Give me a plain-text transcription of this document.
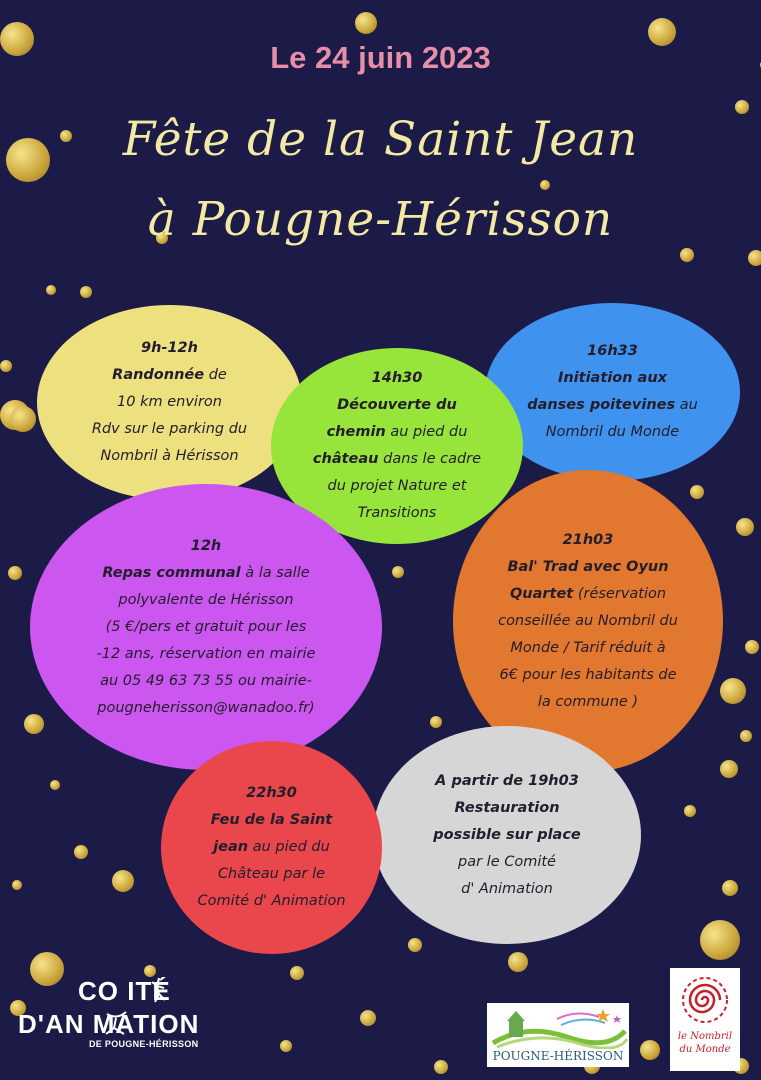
Le 24 juin 2023
Fête de la Saint Jean
à Pougne-Hérisson
9h-12h
Randonnée de
10 km environ
Rdv sur le parking du
Nombril à Hérisson
16h33
Initiation aux
danses poitevines au
Nombril du Monde
14h30
Découverte du
chemin au pied du
château dans le cadre
du projet Nature et
Transitions
12h
Repas communal à la salle
polyvalente de Hérisson
(5 €/pers et gratuit pour les
-12 ans, réservation en mairie
au 05 49 63 73 55 ou mairie-
pougneherisson@wanadoo.fr)
21h03
Bal' Trad avec Oyun
Quartet (réservation
conseillée au Nombril du
Monde / Tarif réduit à
6€ pour les habitants de
la commune )
A partir de 19h03
Restauration
possible sur place
par le Comité
d' Animation
22h30
Feu de la Saint
jean au pied du
Château par le
Comité d' Animation
CO ITÉ
D'AN MATION
DE POUGNE-HÉRISSON
POUGNE-HÉRISSON
le Nombril
du Monde
